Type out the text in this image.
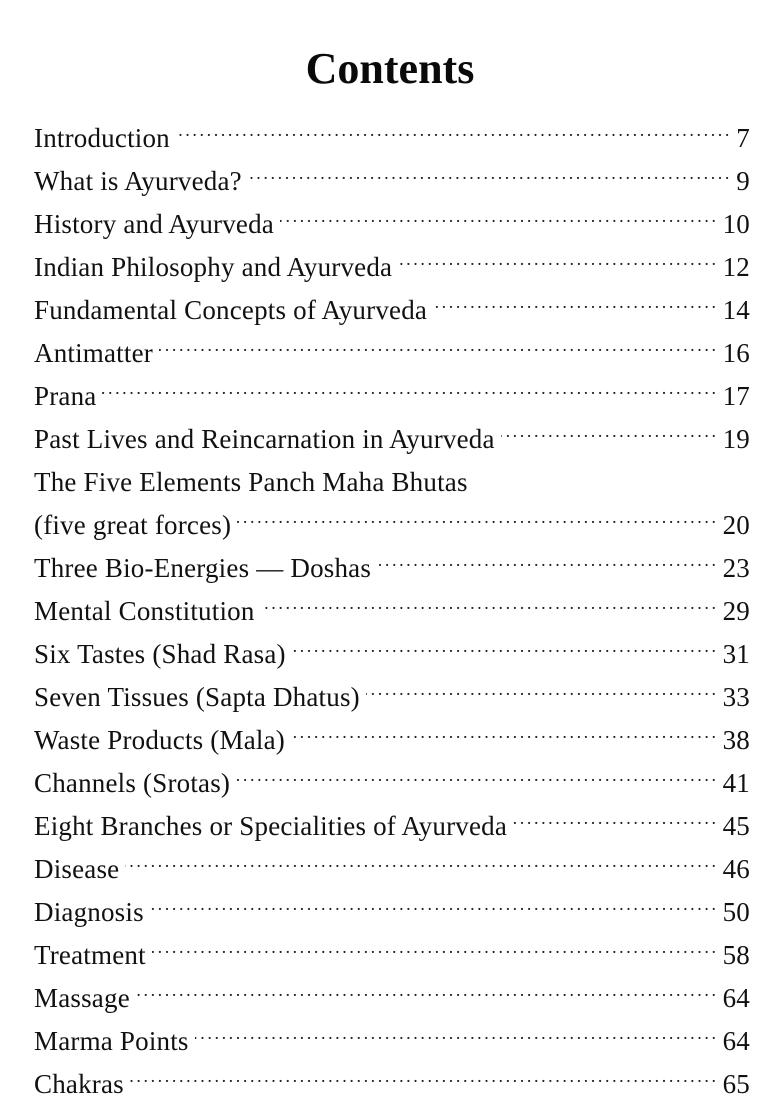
Contents
Introduction .....	7
What is Ayurveda? .....	9
History and Ayurveda .....	10
Indian Philosophy and Ayurveda .....	12
Fundamental Concepts of Ayurveda .....	14
Antimatter .....	16
Prana .....	17
Past Lives and Reincarnation in Ayurveda .....	19
The Five Elements Panch Maha Bhutas
(five great forces) .....	20
Three Bio-Energies — Doshas .....	23
Mental Constitution .....	29
Six Tastes (Shad Rasa) .....	31
Seven Tissues (Sapta Dhatus) .....	33
Waste Products (Mala) .....	38
Channels (Srotas) .....	41
Eight Branches or Specialities of Ayurveda .....	45
Disease .....	46
Diagnosis .....	50
Treatment .....	58
Massage .....	64
Marma Points .....	64
Chakras .....	65
